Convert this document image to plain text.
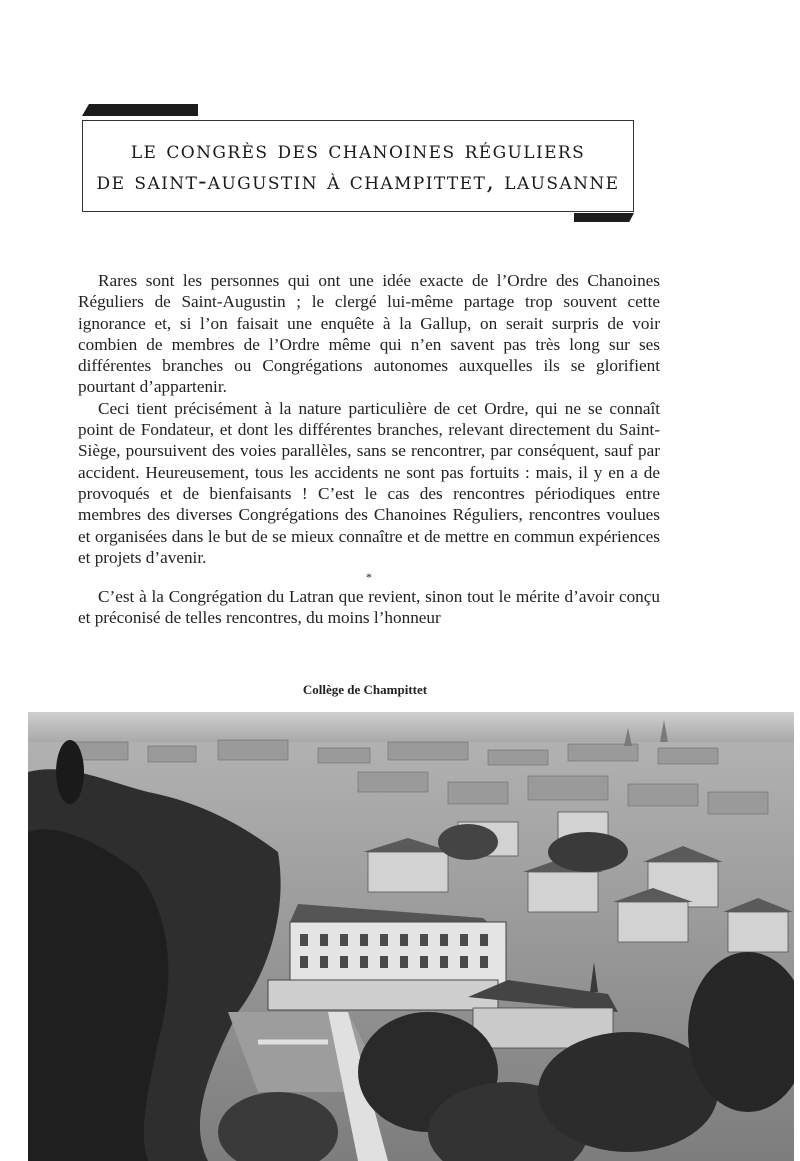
le congrès des chanoines réguliers
de saint-augustin à champittet, lausanne

Rares sont les personnes qui ont une idée exacte de l’Ordre des Chanoines Réguliers de Saint-Augustin ; le clergé lui-même partage trop souvent cette ignorance et, si l’on faisait une enquête à la Gallup, on serait surpris de voir combien de membres de l’Ordre même qui n’en savent pas très long sur ses différentes branches ou Congrégations autonomes auxquelles ils se glorifient pourtant d’appartenir.

Ceci tient précisément à la nature particulière de cet Ordre, qui ne se connaît point de Fondateur, et dont les différentes branches, relevant directement du Saint-Siège, poursuivent des voies parallèles, sans se rencontrer, par conséquent, sauf par accident. Heureusement, tous les accidents ne sont pas fortuits : mais, il y en a de provoqués et de bienfaisants ! C’est le cas des rencontres périodiques entre membres des diverses Congrégations des Chanoines Réguliers, rencontres voulues et organisées dans le but de se mieux connaître et de mettre en commun expériences et projets d’avenir.

*

C’est à la Congrégation du Latran que revient, sinon tout le mérite d’avoir conçu et préconisé de telles rencontres, du moins l’honneur

Collège de Champittet
